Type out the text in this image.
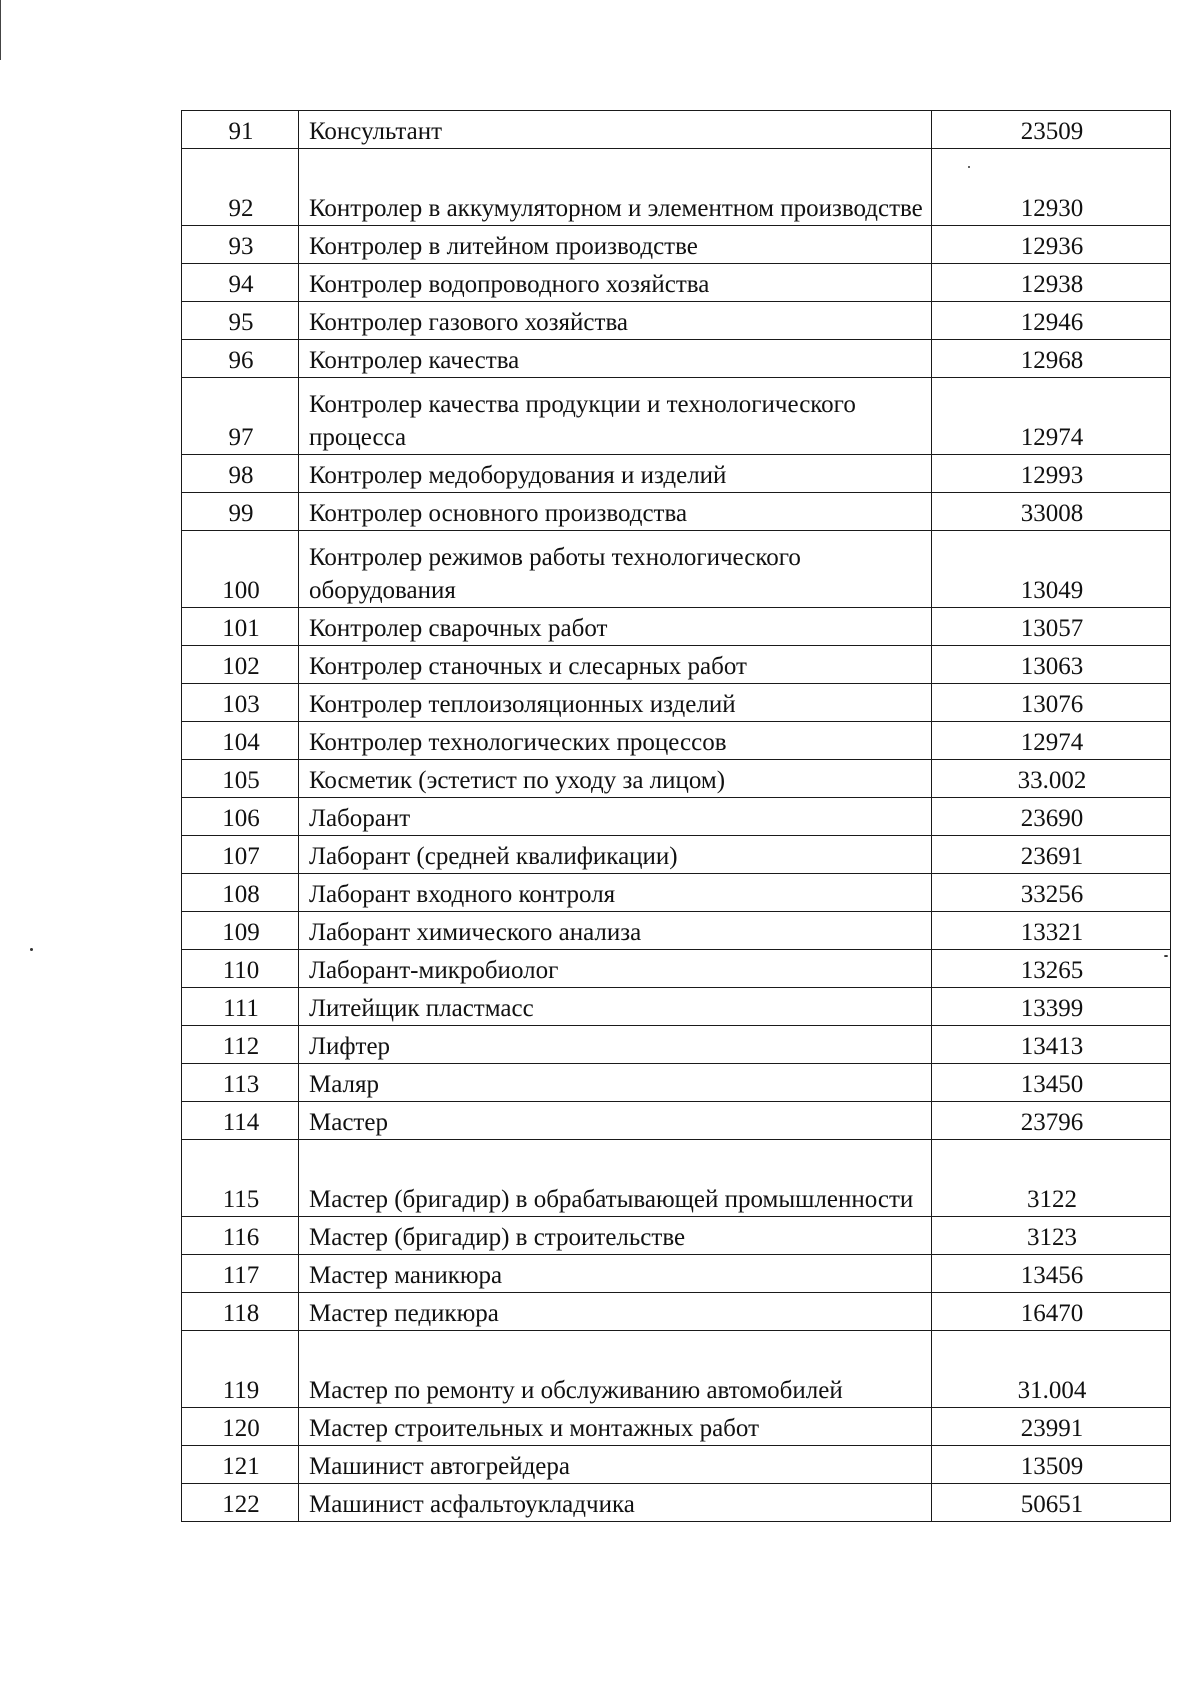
91	Консультант	23509
92	Контролер в аккумуляторном и элементном производстве	12930
93	Контролер в литейном производстве	12936
94	Контролер водопроводного хозяйства	12938
95	Контролер газового хозяйства	12946
96	Контролер качества	12968
97	Контролер качества продукции и технологического процесса	12974
98	Контролер медоборудования и изделий	12993
99	Контролер основного производства	33008
100	Контролер режимов работы технологического оборудования	13049
101	Контролер сварочных работ	13057
102	Контролер станочных и слесарных работ	13063
103	Контролер теплоизоляционных изделий	13076
104	Контролер технологических процессов	12974
105	Косметик (эстетист по уходу за лицом)	33.002
106	Лаборант	23690
107	Лаборант (средней квалификации)	23691
108	Лаборант входного контроля	33256
109	Лаборант химического анализа	13321
110	Лаборант-микробиолог	13265
111	Литейщик пластмасс	13399
112	Лифтер	13413
113	Маляр	13450
114	Мастер	23796
115	Мастер (бригадир) в обрабатывающей промышленности	3122
116	Мастер (бригадир) в строительстве	3123
117	Мастер маникюра	13456
118	Мастер педикюра	16470
119	Мастер по ремонту и обслуживанию автомобилей	31.004
120	Мастер строительных и монтажных работ	23991
121	Машинист автогрейдера	13509
122	Машинист асфальтоукладчика	50651
